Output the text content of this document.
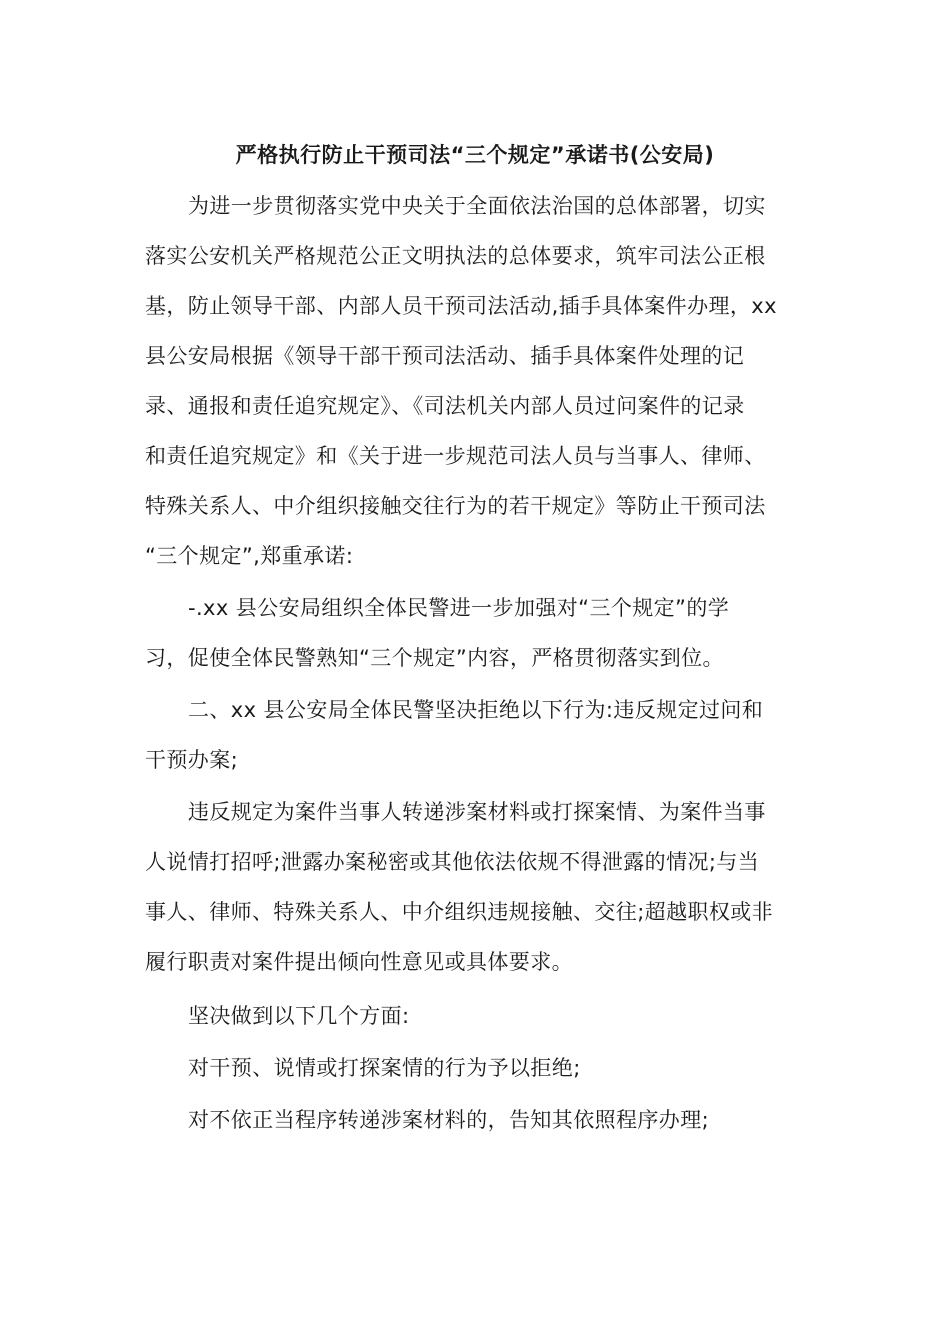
严格执行防止干预司法“三个规定”承诺书(公安局)
为进一步贯彻落实党中央关于全面依法治国的总体部署，切实
落实公安机关严格规范公正文明执法的总体要求，筑牢司法公正根
基，防止领导干部、内部人员干预司法活动,插手具体案件办理，xx
县公安局根据《领导干部干预司法活动、插手具体案件处理的记
录、通报和责任追究规定》、《司法机关内部人员过问案件的记录
和责任追究规定》和《关于进一步规范司法人员与当事人、律师、
特殊关系人、中介组织接触交往行为的若干规定》等防止干预司法
“三个规定”,郑重承诺:
-.xx 县公安局组织全体民警进一步加强对“三个规定”的学
习，促使全体民警熟知“三个规定”内容，严格贯彻落实到位。
二、xx 县公安局全体民警坚决拒绝以下行为:违反规定过问和
干预办案;
违反规定为案件当事人转递涉案材料或打探案情、为案件当事
人说情打招呼;泄露办案秘密或其他依法依规不得泄露的情况;与当
事人、律师、特殊关系人、中介组织违规接触、交往;超越职权或非
履行职责对案件提出倾向性意见或具体要求。
坚决做到以下几个方面:
对干预、说情或打探案情的行为予以拒绝;
对不依正当程序转递涉案材料的，告知其依照程序办理;
